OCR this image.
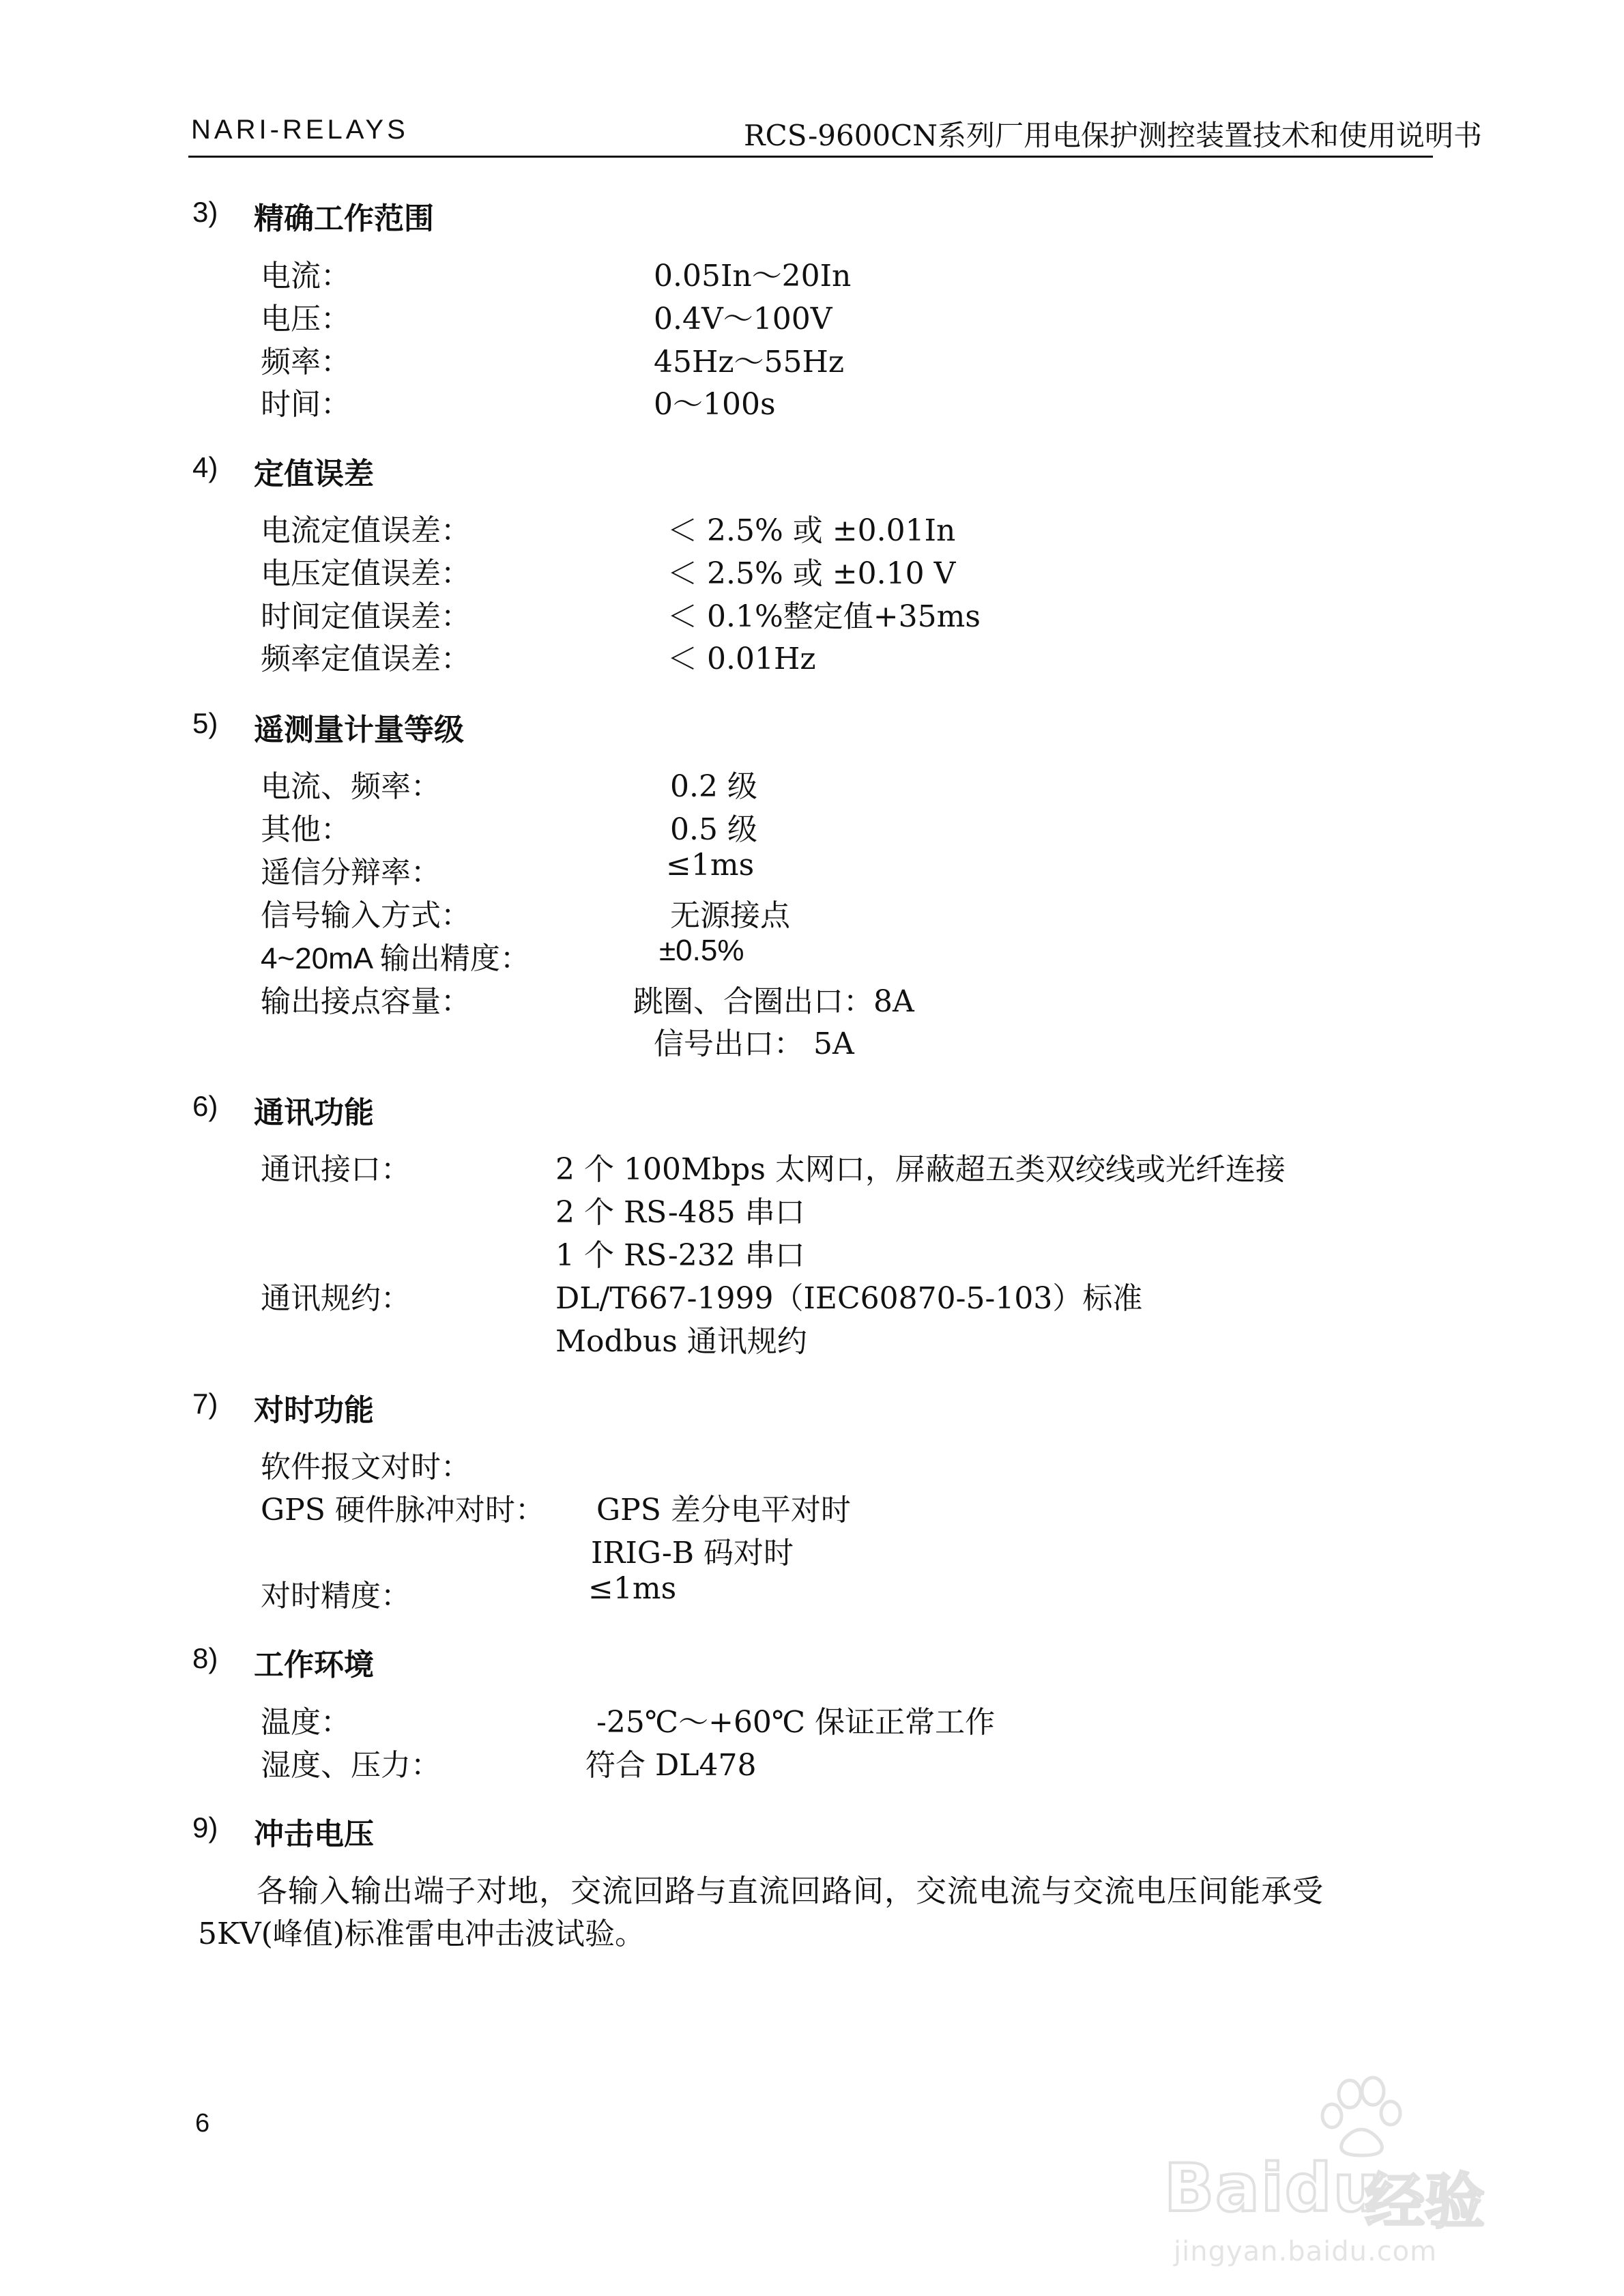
NARI-RELAYS	RCS-9600CN系列厂用电保护测控装置技术和使用说明书
3) 精确工作范围
电流：	0.05In～20In
电压：	0.4V～100V
频率：	45Hz～55Hz
时间：	0～100s
4) 定值误差
电流定值误差：	＜ 2.5% 或 ±0.01In
电压定值误差：	＜ 2.5% 或 ±0.10 V
时间定值误差：	＜ 0.1%整定值+35ms
频率定值误差：	＜ 0.01Hz
5) 遥测量计量等级
电流、频率：	0.2 级
其他：	0.5 级
遥信分辩率：	≤1ms
信号输入方式：	无源接点
4~20mA 输出精度：	±0.5%
输出接点容量：	跳圈、合圈出口：8A
信号出口： 5A
6) 通讯功能
通讯接口：	2 个 100Mbps 太网口，屏蔽超五类双绞线或光纤连接
2 个 RS-485 串口
1 个 RS-232 串口
通讯规约：	DL/T667-1999（IEC60870-5-103）标准
Modbus 通讯规约
7) 对时功能
软件报文对时：
GPS 硬件脉冲对时： GPS 差分电平对时
IRIG-B 码对时
对时精度：	≤1ms
8) 工作环境
温度：	-25℃～+60℃ 保证正常工作
湿度、压力：	符合 DL478
9) 冲击电压
各输入输出端子对地，交流回路与直流回路间，交流电流与交流电压间能承受
5KV(峰值)标准雷电冲击波试验。
6
Baidu
经验
jingyan.baidu.com
